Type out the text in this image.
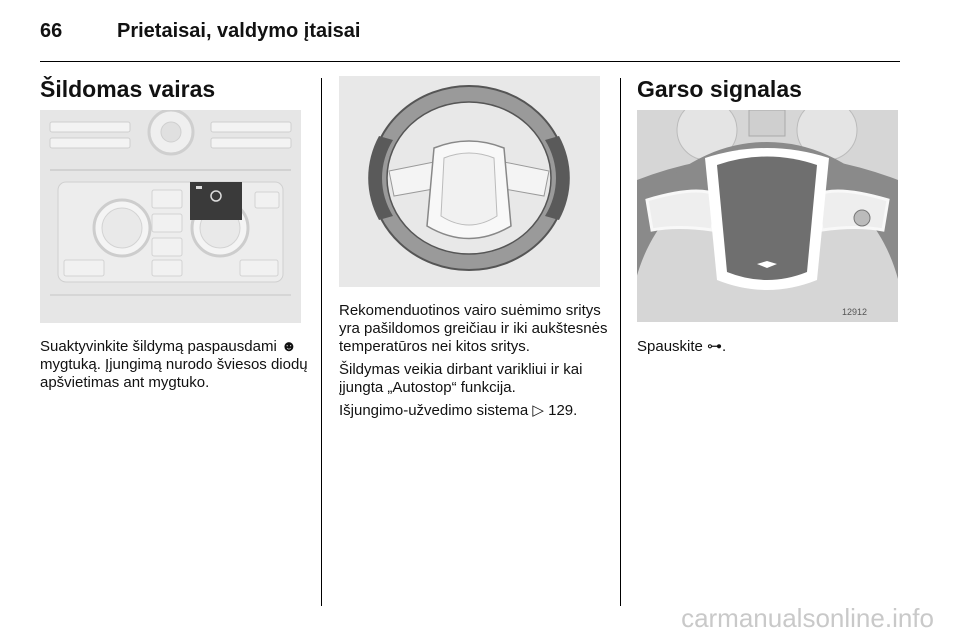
66	Prietaisai, valdymo įtaisai
Šildomas vairas

Suaktyvinkite šildymą paspausdami ☻ mygtuką. Įjungimą nurodo šviesos diodų apšvietimas ant mygtuko.

Rekomenduotinos vairo suėmimo sritys yra pašildomos greičiau ir iki aukštesnės temperatūros nei kitos sritys.

Šildymas veikia dirbant varikliui ir kai įjungta „Autostop“ funkcija.

Išjungimo-užvedimo sistema ▷ 129.

Garso signalas
12912

Spauskite ⊶.

carmanualsonline.info
